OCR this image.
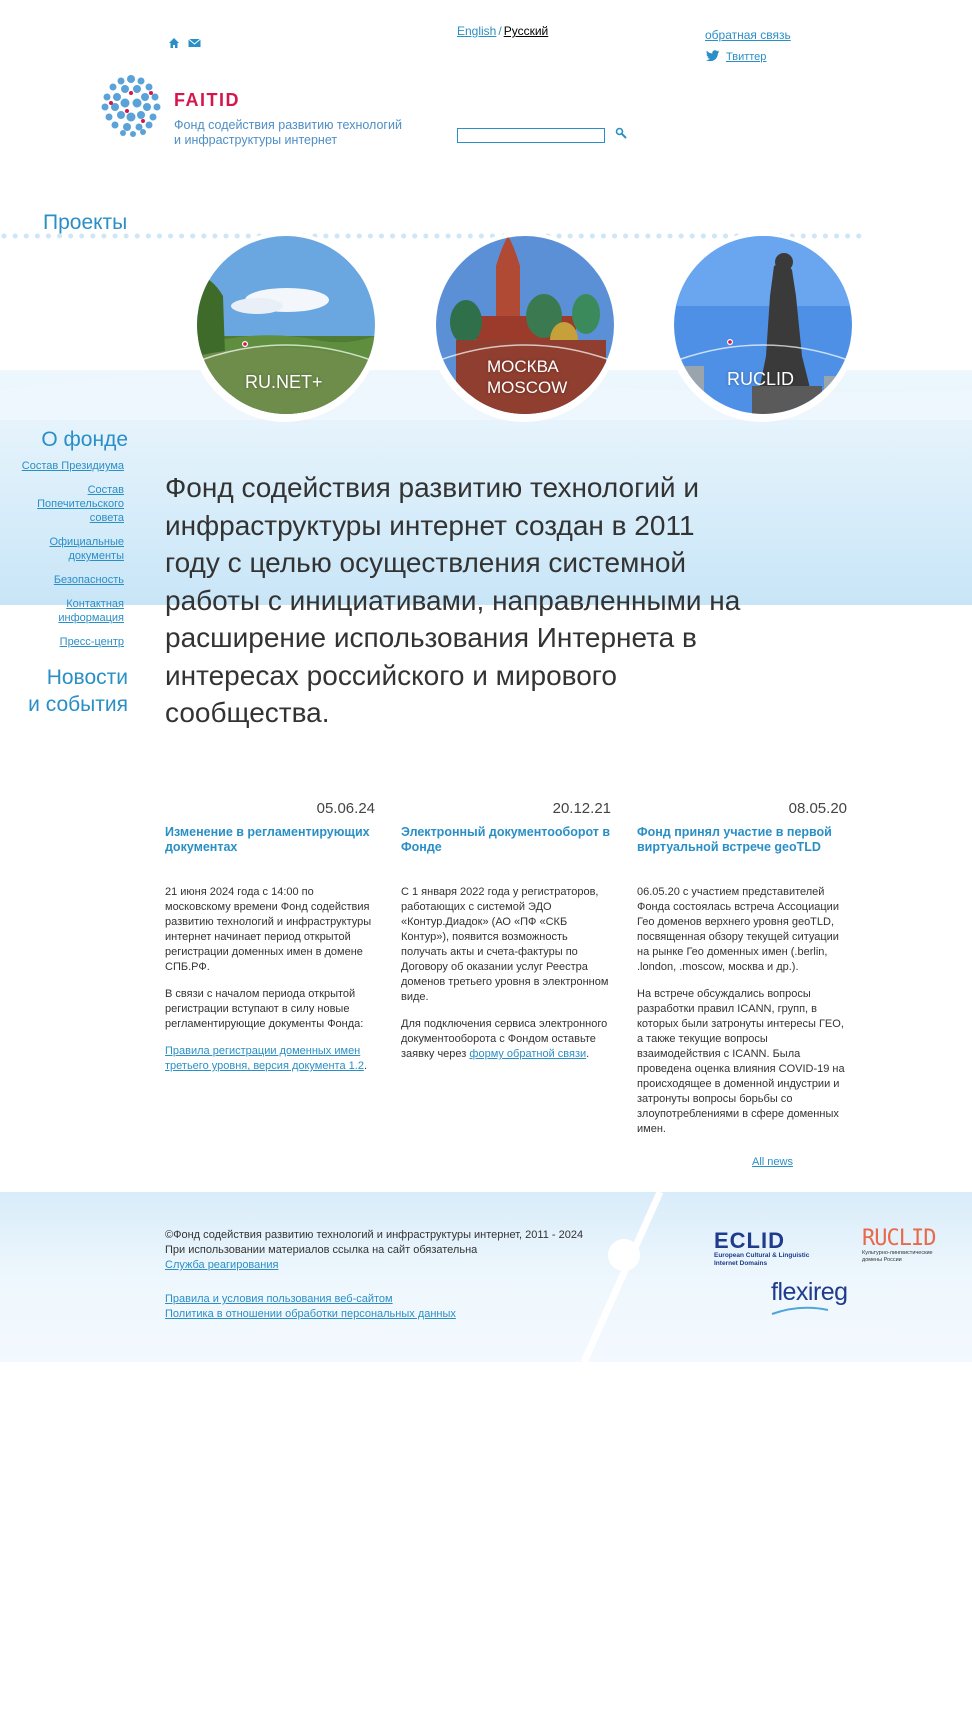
English / Русский	обратная связь
Твиттер
FAITID
Фонд содействия развитию технологий
и инфраструктуры интернет
Проекты
RU.NET+
МОСКВА
MOSCOW	RUCLID
О фонде
Состав Президиума
Состав Попечительского совета
Официальные документы
Безопасность
Контактная информация
Пресс-центр
Новости
и события
Фонд содействия развитию технологий и инфраструктуры интернет создан в 2011 году с целью осуществления системной работы с инициативами, направленными на расширение использования Интернета в интересах российского и мирового сообщества.
05.06.24
Изменение в регламентирующих документах

21 июня 2024 года с 14:00 по московскому времени Фонд содействия развитию технологий и инфраструктуры интернет начинает период открытой регистрации доменных имен в домене СПБ.РФ.

В связи с началом периода открытой регистрации вступают в силу новые регламентирующие документы Фонда:

Правила регистрации доменных имен третьего уровня, версия документа 1.2.

20.12.21
Электронный документооборот в Фонде

С 1 января 2022 года у регистраторов, работающих с системой ЭДО «Контур.Диадок» (АО «ПФ «СКБ Контур»), появится возможность получать акты и счета-фактуры по Договору об оказании услуг Реестра доменов третьего уровня в электронном виде.

Для подключения сервиса электронного документооборота с Фондом оставьте заявку через форму обратной связи.

08.05.20
Фонд принял участие в первой виртуальной встрече geoTLD

06.05.20 с участием представителей Фонда состоялась встреча Ассоциации Гео доменов верхнего уровня geoTLD, посвященная обзору текущей ситуации на рынке Гео доменных имен (.berlin, .london, .moscow, москва и др.).

На встрече обсуждались вопросы разработки правил ICANN, групп, в которых были затронуты интересы ГЕО, а также текущие вопросы взаимодействия с ICANN. Была проведена оценка влияния COVID-19 на происходящее в доменной индустрии и затронуты вопросы борьбы со злоупотреблениями в сфере доменных имен.

All news
©Фонд содействия развитию технологий и инфраструктуры интернет, 2011 - 2024
При использовании материалов ссылка на сайт обязательна
Служба реагирования
Правила и условия пользования веб-сайтом
Политика в отношении обработки персональных данных
ECLID
European Cultural & Linguistic
Internet Domains
RUCLID
Культурно-лингвистические
домены России
flexireg
